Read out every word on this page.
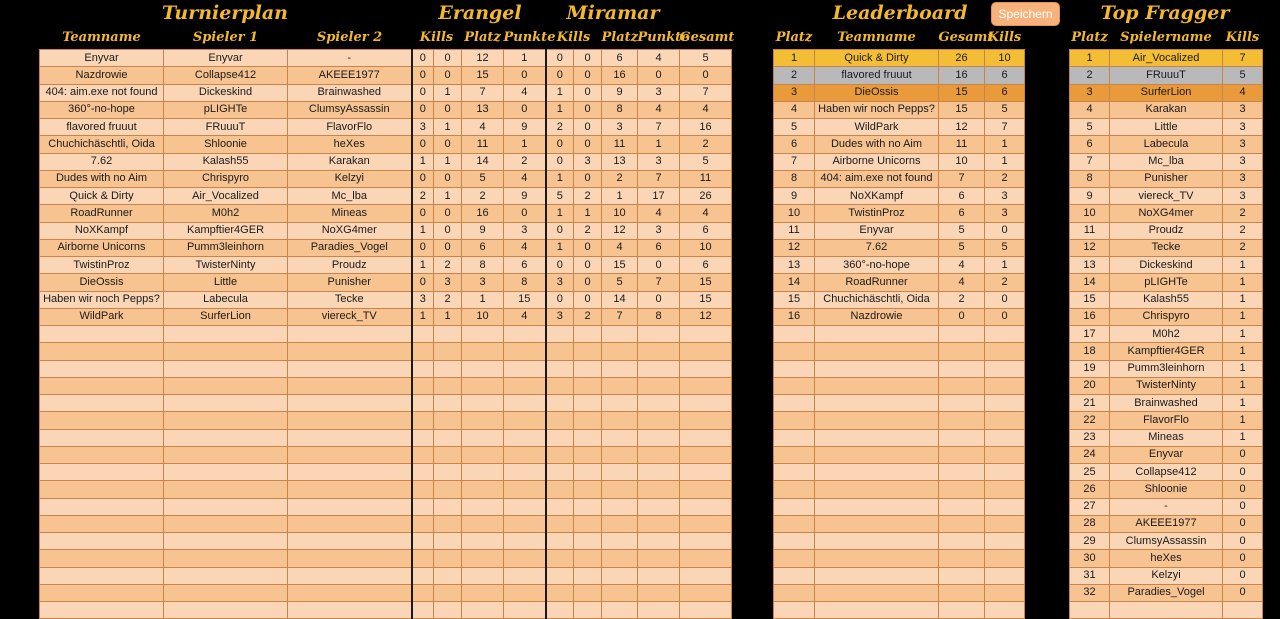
Turnierplan	Erangel	Miramar	Leaderboard	Top Fragger
Speichern
Teamname	Spieler 1	Spieler 2	Kills		Platz	Punkte	Kills		Platz	Punkte	Gesamt
Enyvar	Enyvar	-	0	0	12	1	0	0	6	4	5
Nazdrowie	Collapse412	AKEEE1977	0	0	15	0	0	0	16	0	0
404: aim.exe not found	Dickeskind	Brainwashed	0	1	7	4	1	0	9	3	7
360°-no-hope	pLIGHTe	ClumsyAssassin	0	0	13	0	1	0	8	4	4
flavored fruuut	FRuuuT	FlavorFlo	3	1	4	9	2	0	3	7	16
Chuchichäschtli, Oida	Shloonie	heXes	0	0	11	1	0	0	11	1	2
7.62	Kalash55	Karakan	1	1	14	2	0	3	13	3	5
Dudes with no Aim	Chrispyro	Kelzyi	0	0	5	4	1	0	2	7	11
Quick & Dirty	Air_Vocalized	Mc_lba	2	1	2	9	5	2	1	17	26
RoadRunner	M0h2	Mineas	0	0	16	0	1	1	10	4	4
NoXKampf	Kampftier4GER	NoXG4mer	1	0	9	3	0	2	12	3	6
Airborne Unicorns	Pumm3leinhorn	Paradies_Vogel	0	0	6	4	1	0	4	6	10
TwistinProz	TwisterNinty	Proudz	1	2	8	6	0	0	15	0	6
DieOssis	Little	Punisher	0	3	3	8	3	0	5	7	15
Haben wir noch Pepps?	Labecula	Tecke	3	2	1	15	0	0	14	0	15
WildPark	SurferLion	viereck_TV	1	1	10	4	3	2	7	8	12

Platz	Teamname	Gesamt	Kills
1	Quick & Dirty	26	10
2	flavored fruuut	16	6
3	DieOssis	15	6
4	Haben wir noch Pepps?	15	5
5	WildPark	12	7
6	Dudes with no Aim	11	1
7	Airborne Unicorns	10	1
8	404: aim.exe not found	7	2
9	NoXKampf	6	3
10	TwistinProz	6	3
11	Enyvar	5	0
12	7.62	5	5
13	360°-no-hope	4	1
14	RoadRunner	4	2
15	Chuchichäschtli, Oida	2	0
16	Nazdrowie	0	0

Platz	Spielername	Kills
1	Air_Vocalized	7
2	FRuuuT	5
3	SurferLion	4
4	Karakan	3
5	Little	3
6	Labecula	3
7	Mc_lba	3
8	Punisher	3
9	viereck_TV	3
10	NoXG4mer	2
11	Proudz	2
12	Tecke	2
13	Dickeskind	1
14	pLIGHTe	1
15	Kalash55	1
16	Chrispyro	1
17	M0h2	1
18	Kampftier4GER	1
19	Pumm3leinhorn	1
20	TwisterNinty	1
21	Brainwashed	1
22	FlavorFlo	1
23	Mineas	1
24	Enyvar	0
25	Collapse412	0
26	Shloonie	0
27	-	0
28	AKEEE1977	0
29	ClumsyAssassin	0
30	heXes	0
31	Kelzyi	0
32	Paradies_Vogel	0
